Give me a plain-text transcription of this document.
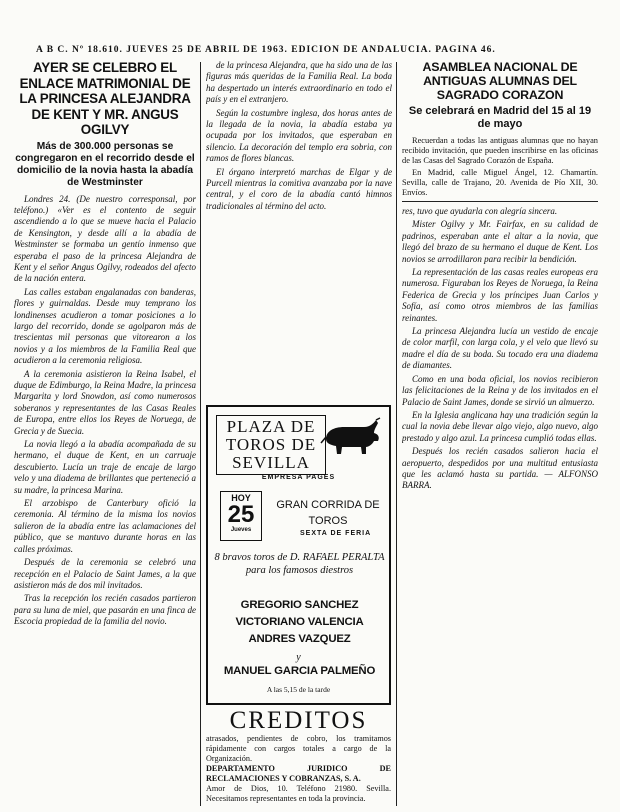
A B C. Nº 18.610. JUEVES 25 DE ABRIL DE 1963. EDICION DE ANDALUCIA. PAGINA 46.
AYER SE CELEBRO EL ENLACE MATRIMONIAL DE LA PRINCESA ALEJANDRA DE KENT Y MR. ANGUS OGILVY
Más de 300.000 personas se congregaron en el recorrido desde el domicilio de la novia hasta la abadía de Westminster

Londres 24. (De nuestro corresponsal, por teléfono.) «Ver es el contento de seguir ascendiendo a lo que se mueve hacia el Palacio de Kensington, y desde allí a la abadía de Westminster se formaba un gentío inmenso que esperaba el paso de la princesa Alejandra de Kent y el señor Angus Ogilvy, rodeados del afecto de la nación entera.

Las calles estaban engalanadas con banderas, flores y guirnaldas. Desde muy temprano los londinenses acudieron a tomar posiciones a lo largo del recorrido, donde se agolparon más de trescientas mil personas que vitorearon a los novios y a los miembros de la Familia Real que acudieron a la ceremonia religiosa.

A la ceremonia asistieron la Reina Isabel, el duque de Edimburgo, la Reina Madre, la princesa Margarita y lord Snowdon, así como numerosos soberanos y representantes de las Casas Reales de Europa, entre ellos los Reyes de Noruega, de Grecia y de Suecia.

La novia llegó a la abadía acompañada de su hermano, el duque de Kent, en un carruaje descubierto. Lucía un traje de encaje de largo velo y una diadema de brillantes que perteneció a su madre, la princesa Marina.

El arzobispo de Canterbury ofició la ceremonia. Al término de la misma los novios salieron de la abadía entre las aclamaciones del público, que se mantuvo durante horas en las calles próximas.

Después de la ceremonia se celebró una recepción en el Palacio de Saint James, a la que asistieron más de dos mil invitados.

Tras la recepción los recién casados partieron para su luna de miel, que pasarán en una finca de Escocia propiedad de la familia del novio.

de la princesa Alejandra, que ha sido una de las figuras más queridas de la Familia Real. La boda ha despertado un interés extraordinario en todo el país y en el extranjero.

Según la costumbre inglesa, dos horas antes de la llegada de la novia, la abadía estaba ya ocupada por los invitados, que esperaban en silencio. La decoración del templo era sobria, con ramos de flores blancas.

El órgano interpretó marchas de Elgar y de Purcell mientras la comitiva avanzaba por la nave central, y el coro de la abadía cantó himnos tradicionales al término del acto.

PLAZA DE TOROS DE SEVILLA
EMPRESA PAGES
HOY
25
Jueves
GRAN CORRIDA DE TOROS
SEXTA DE FERIA
8 bravos toros de D. RAFAEL PERALTA para los famosos diestros
GREGORIO SANCHEZ
VICTORIANO VALENCIA
ANDRES VAZQUEZ
y
MANUEL GARCIA PALMEÑO
A las 5,15 de la tarde
CREDITOS
atrasados, pendientes de cobro, los tramitamos rápidamente con cargos totales a cargo de la Organización.
DEPARTAMENTO JURIDICO DE RECLAMACIONES Y COBRANZAS, S. A.
Amor de Dios, 10. Teléfono 21980. Sevilla. Necesitamos representantes en toda la provincia.
ASAMBLEA NACIONAL DE ANTIGUAS ALUMNAS DEL SAGRADO CORAZON
Se celebrará en Madrid del 15 al 19 de mayo

Recuerdan a todas las antiguas alumnas que no hayan recibido invitación, que pueden inscribirse en las oficinas de las Casas del Sagrado Corazón de España.

En Madrid, calle Miguel Ángel, 12. Chamartín. Sevilla, calle de Trajano, 20. Avenida de Pío XII, 30. Envíos.

res, tuvo que ayudarla con alegría sincera.

Mister Ogilvy y Mr. Fairfax, en su calidad de padrinos, esperaban ante el altar a la novia, que llegó del brazo de su hermano el duque de Kent. Los novios se arrodillaron para recibir la bendición.

La representación de las casas reales europeas era numerosa. Figuraban los Reyes de Noruega, la Reina Federica de Grecia y los príncipes Juan Carlos y Sofía, así como otros miembros de las familias reinantes.

La princesa Alejandra lucía un vestido de encaje de color marfil, con larga cola, y el velo que llevó su madre el día de su boda. Su tocado era una diadema de diamantes.

Como en una boda oficial, los novios recibieron las felicitaciones de la Reina y de los invitados en el Palacio de Saint James, donde se sirvió un almuerzo.

En la Iglesia anglicana hay una tradición según la cual la novia debe llevar algo viejo, algo nuevo, algo prestado y algo azul. La princesa cumplió todas ellas.

Después los recién casados salieron hacia el aeropuerto, despedidos por una multitud entusiasta que les aclamó hasta su partida. — ALFONSO BARRA.
